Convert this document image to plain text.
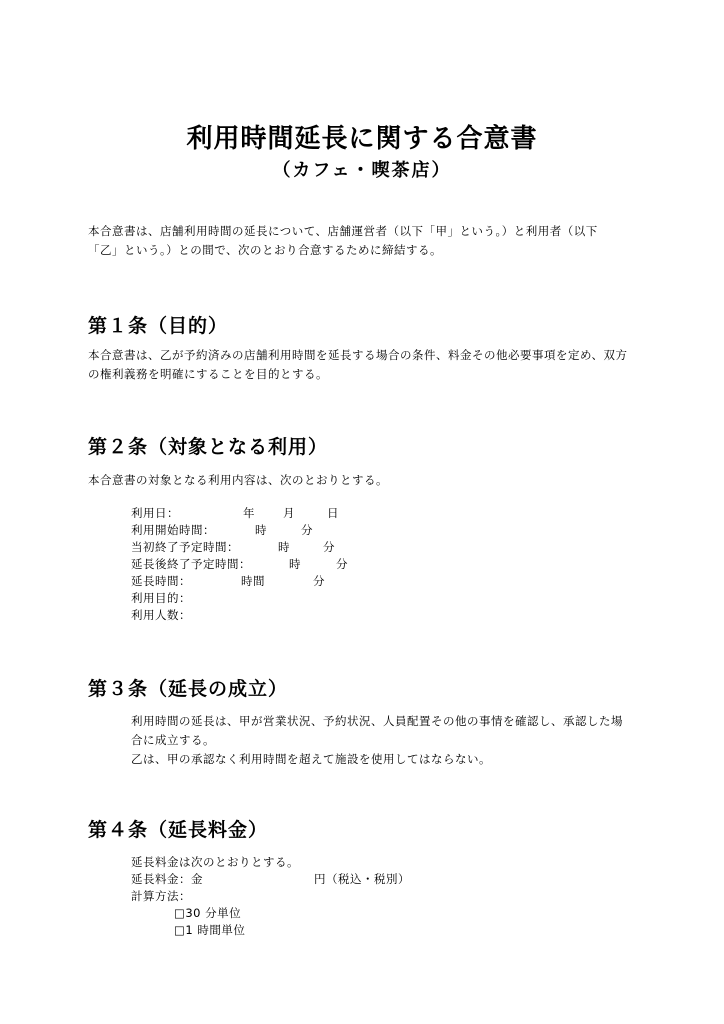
利用時間延長に関する合意書
（カフェ・喫茶店）

本合意書は、店舗利用時間の延長について、店舗運営者（以下「甲」という。）と利用者（以下

「乙」という。）との間で、次のとおり合意するために締結する。

第１条（目的）

本合意書は、乙が予約済みの店舗利用時間を延長する場合の条件、料金その他必要事項を定め、双方

の権利義務を明確にすることを目的とする。

第２条（対象となる利用）

本合意書の対象となる利用内容は、次のとおりとする。

利用日：	年 月	日
利用開始時間：	時	分
当初終了予定時間：	時	分
延長後終了予定時間：	時	分
延長時間：	時間	分
利用目的：
利用人数：
第３条（延長の成立）

利用時間の延長は、甲が営業状況、予約状況、人員配置その他の事情を確認し、承認した場

合に成立する。

乙は、甲の承認なく利用時間を超えて施設を使用してはならない。

第４条（延長料金）
延長料金は次のとおりとする。
延長料金：金	円（税込・税別）
計算方法：
□30 分単位
□1 時間単位
